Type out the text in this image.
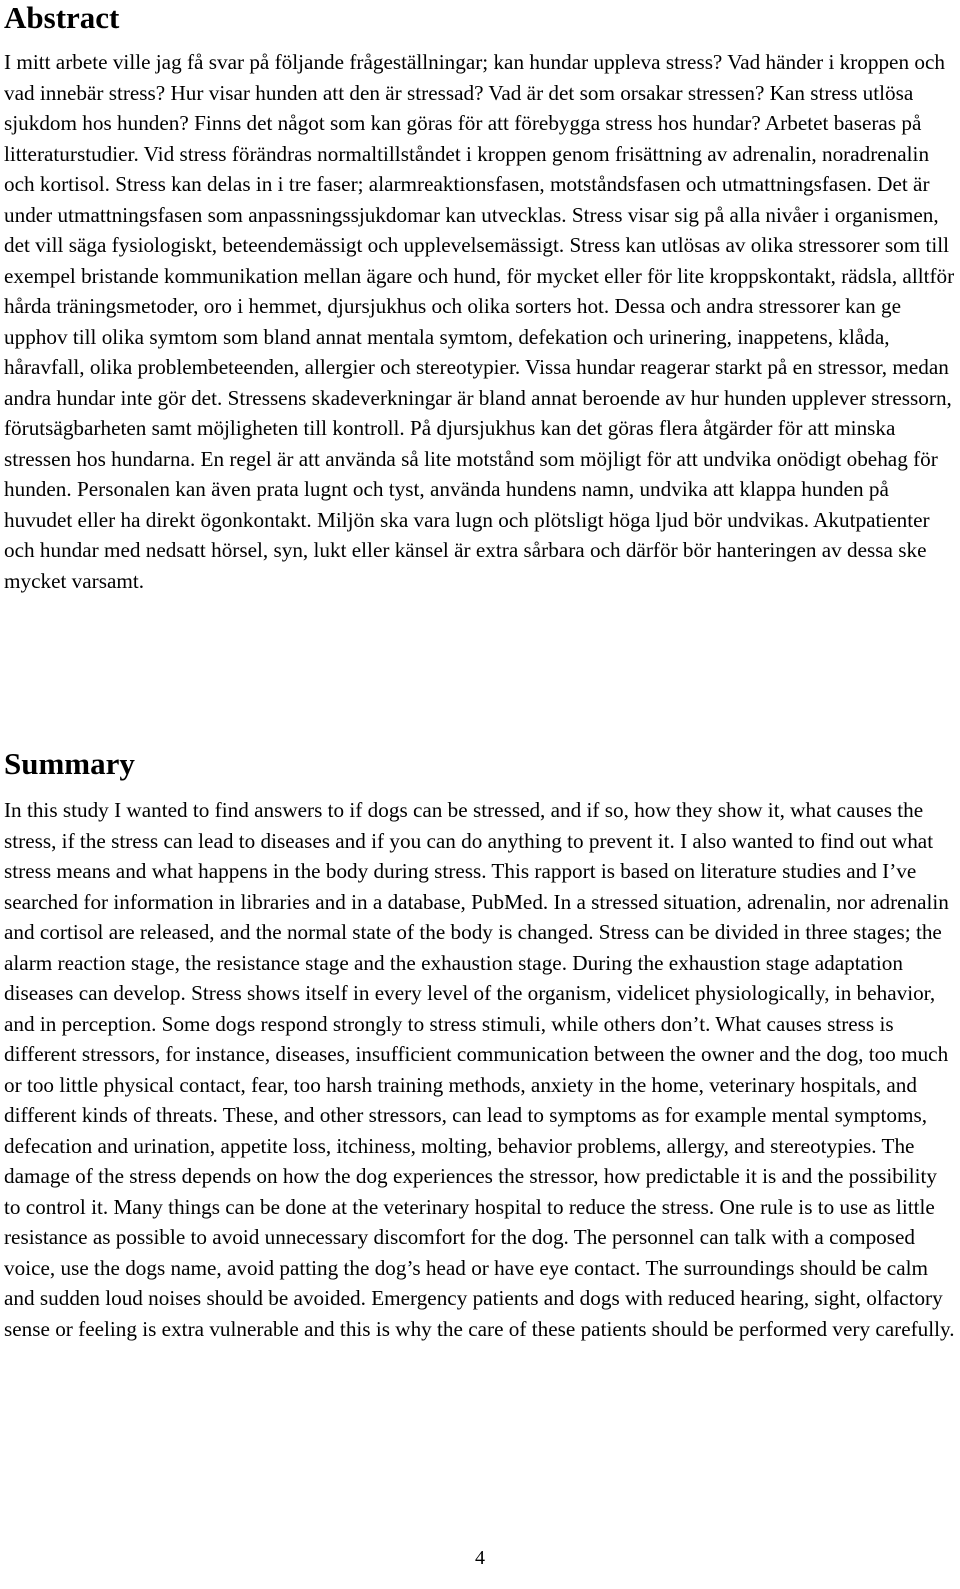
Abstract

I mitt arbete ville jag få svar på följande frågeställningar; kan hundar uppleva stress? Vad händer i kroppen och vad innebär stress? Hur visar hunden att den är stressad? Vad är det som orsakar stressen? Kan stress utlösa sjukdom hos hunden? Finns det något som kan göras för att förebygga stress hos hundar? Arbetet baseras på litteraturstudier. Vid stress förändras normaltillståndet i kroppen genom frisättning av adrenalin, noradrenalin och kortisol. Stress kan delas in i tre faser; alarmreaktionsfasen, motståndsfasen och utmattningsfasen. Det är under utmattningsfasen som anpassningssjukdomar kan utvecklas. Stress visar sig på alla nivåer i organismen, det vill säga fysiologiskt, beteendemässigt och upplevelsemässigt. Stress kan utlösas av olika stressorer som till exempel bristande kommunikation mellan ägare och hund, för mycket eller för lite kroppskontakt, rädsla, alltför hårda träningsmetoder, oro i hemmet, djursjukhus och olika sorters hot. Dessa och andra stressorer kan ge upphov till olika symtom som bland annat mentala symtom, defekation och urinering, inappetens, klåda, håravfall, olika problembeteenden, allergier och stereotypier. Vissa hundar reagerar starkt på en stressor, medan andra hundar inte gör det. Stressens skadeverkningar är bland annat beroende av hur hunden upplever stressorn, förutsägbarheten samt möjligheten till kontroll. På djursjukhus kan det göras flera åtgärder för att minska stressen hos hundarna. En regel är att använda så lite motstånd som möjligt för att undvika onödigt obehag för hunden. Personalen kan även prata lugnt och tyst, använda hundens namn, undvika att klappa hunden på huvudet eller ha direkt ögonkontakt. Miljön ska vara lugn och plötsligt höga ljud bör undvikas. Akutpatienter och hundar med nedsatt hörsel, syn, lukt eller känsel är extra sårbara och därför bör hanteringen av dessa ske mycket varsamt.

Summary

In this study I wanted to find answers to if dogs can be stressed, and if so, how they show it, what causes the stress, if the stress can lead to diseases and if you can do anything to prevent it. I also wanted to find out what stress means and what happens in the body during stress. This rapport is based on literature studies and I’ve searched for information in libraries and in a database, PubMed. In a stressed situation, adrenalin, nor adrenalin and cortisol are released, and the normal state of the body is changed. Stress can be divided in three stages; the alarm reaction stage, the resistance stage and the exhaustion stage. During the exhaustion stage adaptation diseases can develop. Stress shows itself in every level of the organism, videlicet physiologically, in behavior, and in perception. Some dogs respond strongly to stress stimuli, while others don’t. What causes stress is different stressors, for instance, diseases, insufficient communication between the owner and the dog, too much or too little physical contact, fear, too harsh training methods, anxiety in the home, veterinary hospitals, and different kinds of threats. These, and other stressors, can lead to symptoms as for example mental symptoms, defecation and urination, appetite loss, itchiness, molting, behavior problems, allergy, and stereotypies. The damage of the stress depends on how the dog experiences the stressor, how predictable it is and the possibility to control it. Many things can be done at the veterinary hospital to reduce the stress. One rule is to use as little resistance as possible to avoid unnecessary discomfort for the dog. The personnel can talk with a composed voice, use the dogs name, avoid patting the dog’s head or have eye contact. The surroundings should be calm and sudden loud noises should be avoided. Emergency patients and dogs with reduced hearing, sight, olfactory sense or feeling is extra vulnerable and this is why the care of these patients should be performed very carefully.

4
